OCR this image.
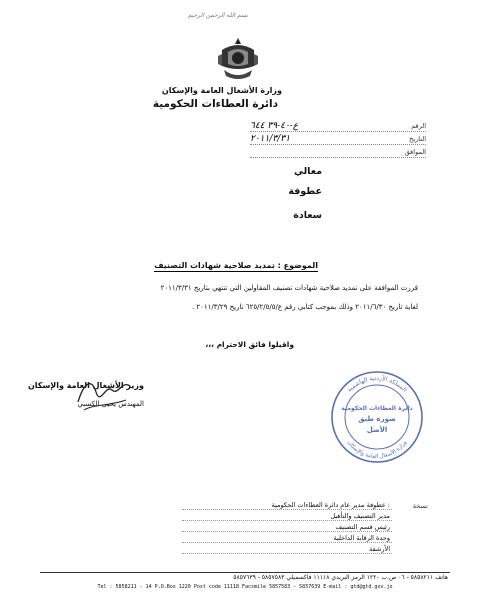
بسم الله الرحمن الرحيم
وزارة الأشغال العامة والإسكان
دائرة العطاءات الحكومية
الرقم
ع-٤٠-٣٩ ٦٤٤
التاريخ
٢٠١١/٣/٣١
الموافق
معالي
عطوفة
سعادة
الموضوع : تمديد صلاحية شهادات التصنيف
قررت الموافقة على تمديد صلاحية شهادات تصنيف المقاولين التي تنتهي بتاريخ ٢٠١١/٣/٣١
لغاية تاريخ ٢٠١١/٦/٣٠ وذلك بموجب كتابي رقم ع/٦٢٥/٢/٥/٥ تاريخ ٢٠١١/٣/٢٩ .
واقبلوا فائق الاحترام ،،،
وزير الأشغال العامة والإسكان
المهندس يحيى الكسبي
المملكة الأردنية الهاشمية
وزارة الأشغال العامة والإسكان
دائرة العطاءات الحكومية
صورة طبق
الأصل
نسخة
: عطوفة مدير عام دائرة العطاءات الحكومية
مدير التصنيف والتأهيل
رئيس قسم التصنيف
وحدة الرقابة الداخلية
الأرشفة
هاتف ٥٨٥٨٢١١ - ٠٦ ص.ب ١٢٢٠ الرمز البريدي ١١١١٨ فاكسميلي ٥٨٥٧٥٨٣ - ٥٨٥٧٦٣٩
Tel : 5858211 - 14 P.O.Box 1220 Post code 11118 Facsmile 5857583 - 5857639 E-mail : gtd@gtd.gov.jo
